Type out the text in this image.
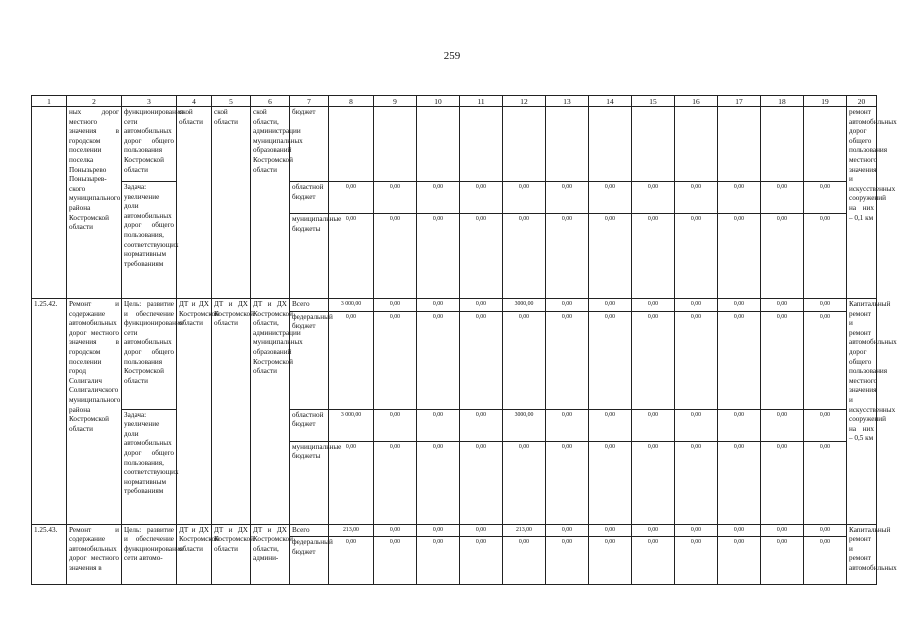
259
1	2	3	4	5	6	7	8	9	10	11	12	13	14	15	16	17	18	19	20
	ных дорог местного значения в городском поселении поселка Понызьрево Понызырев-ского муниципального района Костромской области	функционирования сети автомобильных дорог общего пользования Костромской области	ской области	ской области	ской области, администрации муниципальных образований Костромской области	бюджет													ремонт автомобильных дорог общего пользования местного значения и искусственных сооружений на них – 0,1 км
		Задача: увеличение доли автомобильных дорог общего пользования, соответствующих нормативным требованиям				областной бюджет	0,00	0,00	0,00	0,00	0,00	0,00	0,00	0,00	0,00	0,00	0,00	0,00	
						муниципальные бюджеты	0,00	0,00	0,00	0,00	0,00	0,00	0,00	0,00	0,00	0,00	0,00	0,00	
1.25.42.	Ремонт и содержание автомобильных дорог местного значения в городском поселении город Солигалич Солигаличского муниципального района Костромской области	Цель: развитие и обеспечение функционирования сети автомобильных дорог общего пользования Костромской области	ДТ и ДХ Костромской области	ДТ и ДХ Костромской области	ДТ и ДХ Костромской области, администрации муниципальных образований Костромской области	Всего	3 000,00	0,00	0,00	0,00	3000,00	0,00	0,00	0,00	0,00	0,00	0,00	0,00	Капитальный ремонт и ремонт автомобильных дорог общего пользования местного значения и искусственных сооружений на них – 0,5 км
						федеральный бюджет	0,00	0,00	0,00	0,00	0,00	0,00	0,00	0,00	0,00	0,00	0,00	0,00	
		Задача: увеличение доли автомобильных дорог общего пользования, соответствующих нормативным требованиям				областной бюджет	3 000,00	0,00	0,00	0,00	3000,00	0,00	0,00	0,00	0,00	0,00	0,00	0,00	
						муниципальные бюджеты	0,00	0,00	0,00	0,00	0,00	0,00	0,00	0,00	0,00	0,00	0,00	0,00	
1.25.43.	Ремонт и содержание автомобильных дорог местного значения в	Цель: развитие и обеспечение функционирования сети автомо-	ДТ и ДХ Костромской области	ДТ и ДХ Костромской области	ДТ и ДХ Костромской области, админи-	Всего	213,00	0,00	0,00	0,00	213,00	0,00	0,00	0,00	0,00	0,00	0,00	0,00	Капитальный ремонт и ремонт автомобильных
						федеральный бюджет	0,00	0,00	0,00	0,00	0,00	0,00	0,00	0,00	0,00	0,00	0,00	0,00	
